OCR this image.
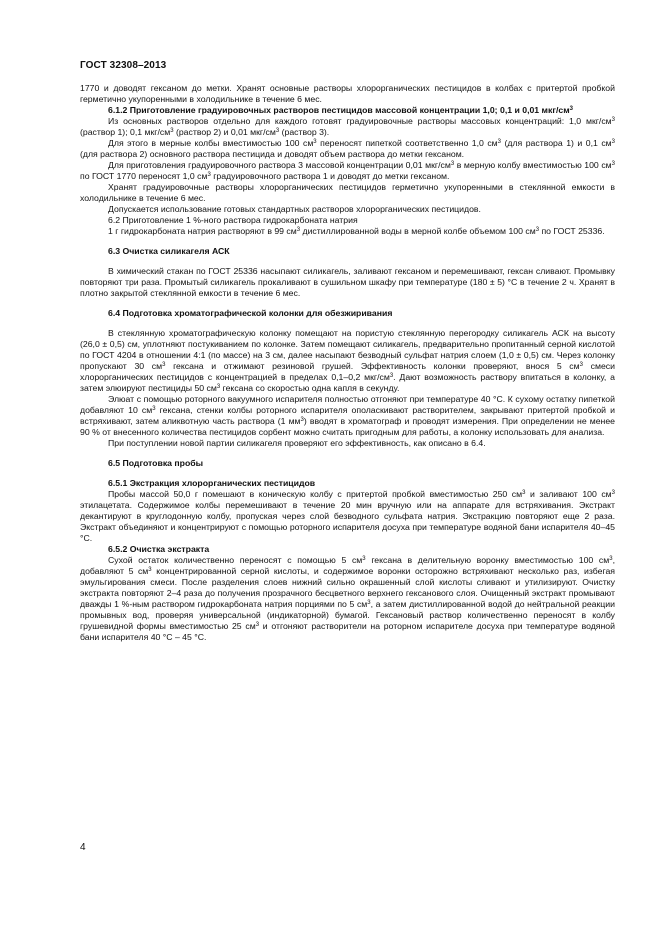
ГОСТ 32308–2013

1770 и доводят гексаном до метки. Хранят основные растворы хлорорганических пестицидов в колбах с притертой пробкой герметично укупоренными в холодильнике в течение 6 мес.

6.1.2 Приготовление градуировочных растворов пестицидов массовой концентрации 1,0; 0,1 и 0,01 мкг/$см^3$

Из основных растворов отдельно для каждого готовят градуировочные растворы массовых концентраций: 1,0 мкг/$см^3$ (раствор 1); 0,1 мкг/$см^3$ (раствор 2) и 0,01 мкг/$см^3$ (раствор 3).

Для этого в мерные колбы вместимостью 100 $см^3$ переносят пипеткой соответственно 1,0 $см^3$ (для раствора 1) и 0,1 $см^3$ (для раствора 2) основного раствора пестицида и доводят объем раствора до метки гексаном.

Для приготовления градуировочного раствора 3 массовой концентрации 0,01 мкг/$см^3$ в мерную колбу вместимостью 100 $см^3$ по ГОСТ 1770 переносят 1,0 $см^3$ градуировочного раствора 1 и доводят до метки гексаном.

Хранят градуировочные растворы хлорорганических пестицидов герметично укупоренными в стеклянной емкости в холодильнике в течение 6 мес.

Допускается использование готовых стандартных растворов хлорорганических пестицидов.

6.2 Приготовление 1 %-ного раствора гидрокарбоната натрия

1 г гидрокарбоната натрия растворяют в 99 $см^3$ дистиллированной воды в мерной колбе объемом 100 $см^3$ по ГОСТ 25336.

6.3 Очистка силикагеля АСК

В химический стакан по ГОСТ 25336 насыпают силикагель, заливают гексаном и перемешивают, гексан сливают. Промывку повторяют три раза. Промытый силикагель прокаливают в сушильном шкафу при температуре (180 ± 5) °С в течение 2 ч. Хранят в плотно закрытой стеклянной емкости в течение 6 мес.

6.4 Подготовка хроматографической колонки для обезжиривания

В стеклянную хроматографическую колонку помещают на пористую стеклянную перегородку силикагель АСК на высоту (26,0 ± 0,5) см, уплотняют постукиванием по колонке. Затем помещают силикагель, предварительно пропитанный серной кислотой по ГОСТ 4204 в отношении 4:1 (по массе) на 3 см, далее насыпают безводный сульфат натрия слоем (1,0 ± 0,5) см. Через колонку пропускают 30 $см^3$ гексана и отжимают резиновой грушей. Эффективность колонки проверяют, внося 5 $см^3$ смеси хлорорганических пестицидов с концентрацией в пределах 0,1–0,2 мкг/$см^3$. Дают возможность раствору впитаться в колонку, а затем элюируют пестициды 50 $см^3$ гексана со скоростью одна капля в секунду.

Элюат с помощью роторного вакуумного испарителя полностью отгоняют при температуре 40 °С. К сухому остатку пипеткой добавляют 10 $см^3$ гексана, стенки колбы роторного испарителя ополаскивают растворителем, закрывают притертой пробкой и встряхивают, затем аликвотную часть раствора (1 $мм^3$) вводят в хроматограф и проводят измерения. При определении не менее 90 % от внесенного количества пестицидов сорбент можно считать пригодным для работы, а колонку использовать для анализа.

При поступлении новой партии силикагеля проверяют его эффективность, как описано в 6.4.

6.5 Подготовка пробы

6.5.1 Экстракция хлорорганических пестицидов

Пробы массой 50,0 г помешают в коническую колбу с притертой пробкой вместимостью 250 $см^3$ и заливают 100 $см^3$ этилацетата. Содержимое колбы перемешивают в течение 20 мин вручную или на аппарате для встряхивания. Экстракт декантируют в круглодонную колбу, пропуская через слой безводного сульфата натрия. Экстракцию повторяют еще 2 раза. Экстракт объединяют и концентрируют с помощью роторного испарителя досуха при температуре водяной бани испарителя 40–45 °С.

6.5.2 Очистка экстракта

Сухой остаток количественно переносят с помощью 5 $см^3$ гексана в делительную воронку вместимостью 100 $см^3$, добавляют 5 $см^3$ концентрированной серной кислоты, и содержимое воронки осторожно встряхивают несколько раз, избегая эмульгирования смеси. После разделения слоев нижний сильно окрашенный слой кислоты сливают и утилизируют. Очистку экстракта повторяют 2–4 раза до получения прозрачного бесцветного верхнего гексанового слоя. Очищенный экстракт промывают дважды 1 %-ным раствором гидрокарбоната натрия порциями по 5 $см^3$, а затем дистиллированной водой до нейтральной реакции промывных вод, проверяя универсальной (индикаторной) бумагой. Гексановый раствор количественно переносят в колбу грушевидной формы вместимостью 25 $см^3$ и отгоняют растворители на роторном испарителе досуха при температуре водяной бани испарителя 40 °С – 45 °С.

4
